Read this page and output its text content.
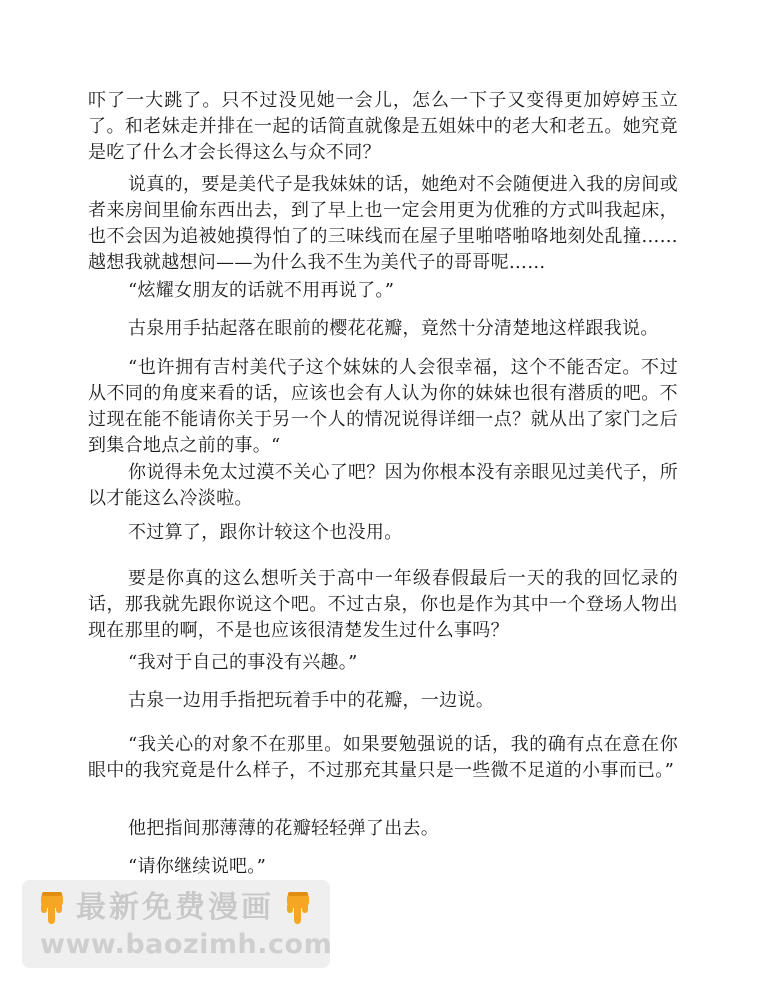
吓了一大跳了。只不过没见她一会儿，怎么一下子又变得更加婷婷玉立了。和老妹走并排在一起的话简直就像是五姐妹中的老大和老五。她究竟是吃了什么才会长得这么与众不同？

说真的，要是美代子是我妹妹的话，她绝对不会随便进入我的房间或者来房间里偷东西出去，到了早上也一定会用更为优雅的方式叫我起床，也不会因为追被她摸得怕了的三味线而在屋子里啪嗒啪咯地刻处乱撞……越想我就越想问——为什么我不生为美代子的哥哥呢……

“炫耀女朋友的话就不用再说了。”

古泉用手拈起落在眼前的樱花花瓣，竟然十分清楚地这样跟我说。

“也许拥有吉村美代子这个妹妹的人会很幸福，这个不能否定。不过从不同的角度来看的话，应该也会有人认为你的妹妹也很有潜质的吧。不过现在能不能请你关于另一个人的情况说得详细一点？就从出了家门之后到集合地点之前的事。“

你说得未免太过漠不关心了吧？因为你根本没有亲眼见过美代子，所以才能这么冷淡啦。

不过算了，跟你计较这个也没用。

要是你真的这么想听关于高中一年级春假最后一天的我的回忆录的话，那我就先跟你说这个吧。不过古泉，你也是作为其中一个登场人物出现在那里的啊，不是也应该很清楚发生过什么事吗？

“我对于自己的事没有兴趣。”

古泉一边用手指把玩着手中的花瓣，一边说。

“我关心的对象不在那里。如果要勉强说的话，我的确有点在意在你眼中的我究竟是什么样子，不过那充其量只是一些微不足道的小事而已。”

他把指间那薄薄的花瓣轻轻弹了出去。

“请你继续说吧。”

最新免费漫画
www.baozimh.com
